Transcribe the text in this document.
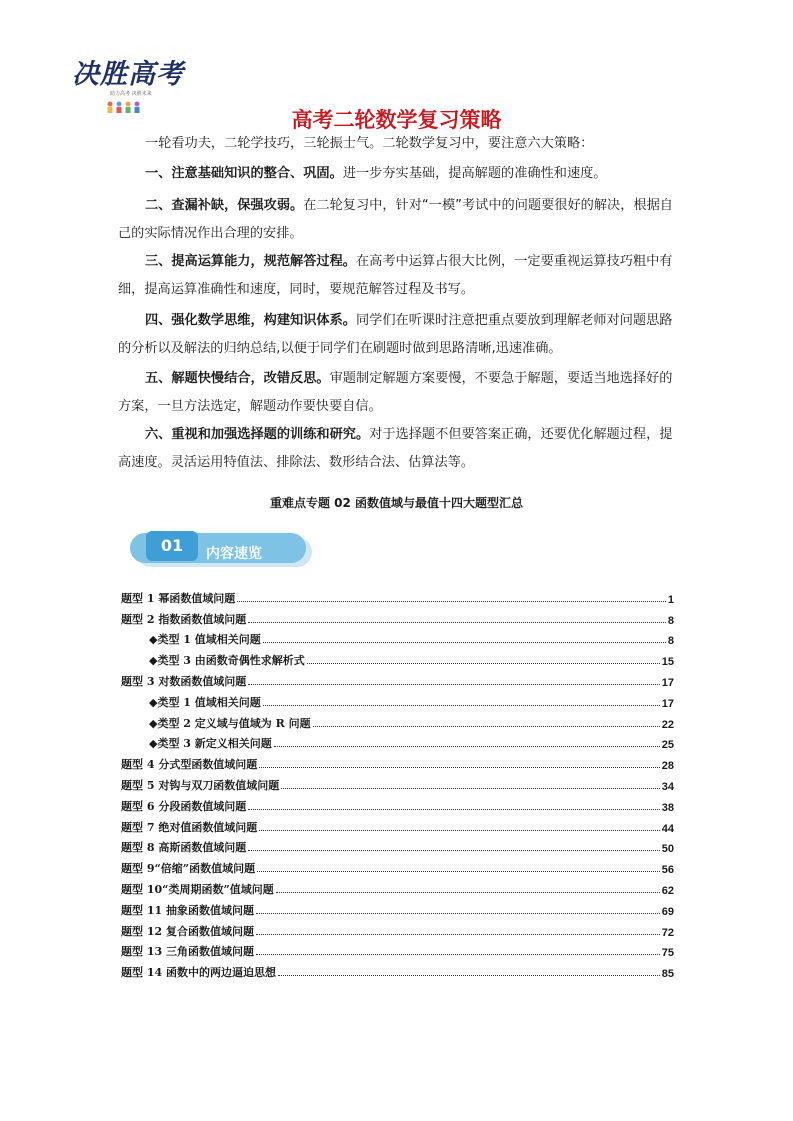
决胜高考
助力高考 决胜未来
高考二轮数学复习策略

一轮看功夫，二轮学技巧，三轮振士气。二轮数学复习中，要注意六大策略：

一、注意基础知识的整合、巩固。进一步夯实基础，提高解题的准确性和速度。

二、查漏补缺，保强攻弱。在二轮复习中，针对“一模”考试中的问题要很好的解决，根据自己的实际情况作出合理的安排。

三、提高运算能力，规范解答过程。在高考中运算占很大比例，一定要重视运算技巧粗中有细，提高运算准确性和速度，同时，要规范解答过程及书写。

四、强化数学思维，构建知识体系。同学们在听课时注意把重点要放到理解老师对问题思路的分析以及解法的归纳总结,以便于同学们在刷题时做到思路清晰,迅速准确。

五、解题快慢结合，改错反思。审题制定解题方案要慢，不要急于解题，要适当地选择好的方案，一旦方法选定，解题动作要快要自信。

六、重视和加强选择题的训练和研究。对于选择题不但要答案正确，还要优化解题过程，提高速度。灵活运用特值法、排除法、数形结合法、估算法等。

重难点专题 02 函数值域与最值十四大题型汇总
01	内容速览
题型 1 幂函数值域问题	1
题型 2 指数函数值域问题	8
◆类型 1 值域相关问题	8
◆类型 3 由函数奇偶性求解析式	15
题型 3 对数函数值域问题	17
◆类型 1 值域相关问题	17
◆类型 2 定义域与值域为 R 问题	22
◆类型 3 新定义相关问题	25
题型 4 分式型函数值域问题	28
题型 5 对钩与双刀函数值域问题	34
题型 6 分段函数值域问题	38
题型 7 绝对值函数值域问题	44
题型 8 高斯函数值域问题	50
题型 9“倍缩”函数值域问题	56
题型 10“类周期函数”值域问题	62
题型 11 抽象函数值域问题	69
题型 12 复合函数值域问题	72
题型 13 三角函数值域问题	75
题型 14 函数中的两边逼迫思想	85
